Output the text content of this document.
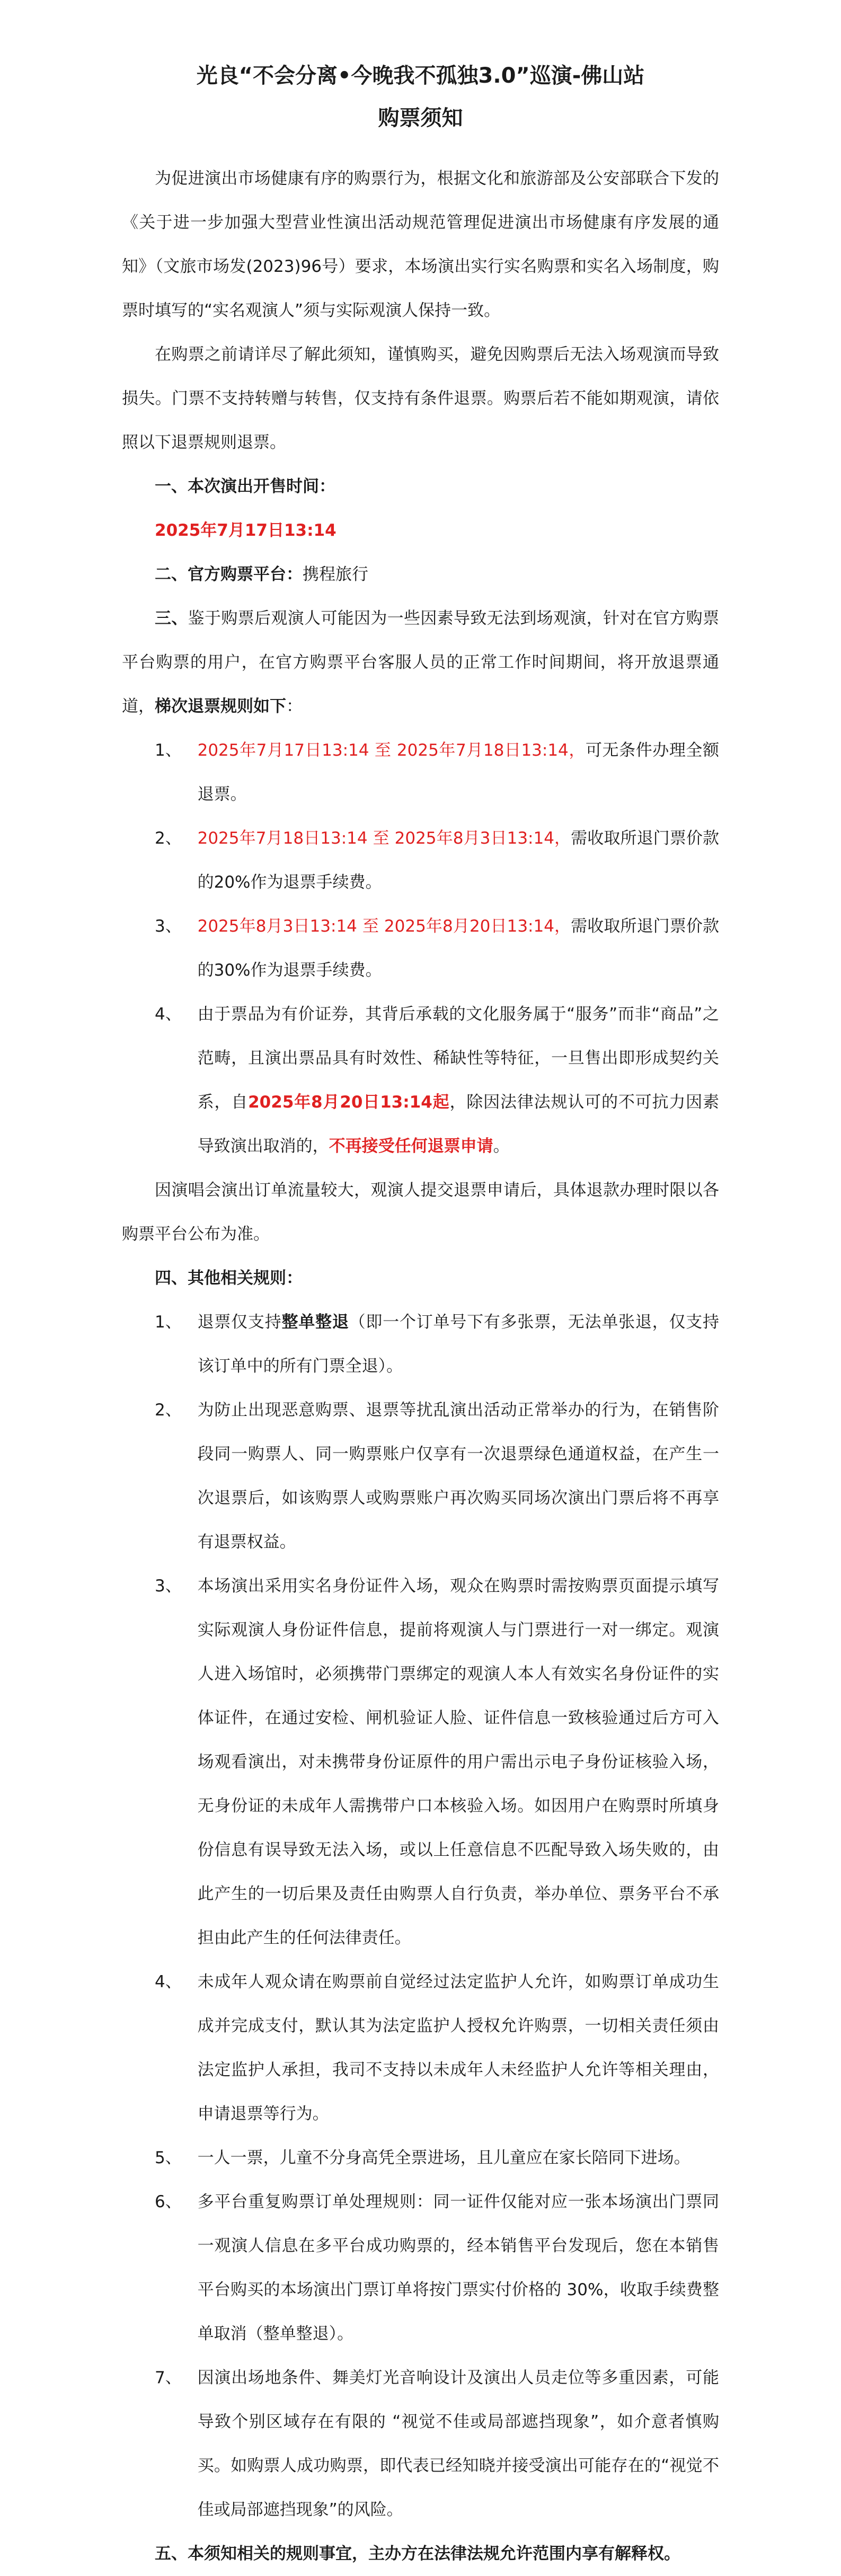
光良“不会分离•今晚我不孤独3.0”巡演-佛山站
购票须知

为促进演出市场健康有序的购票行为，根据文化和旅游部及公安部联合下发的《关于进一步加强大型营业性演出活动规范管理促进演出市场健康有序发展的通知》（文旅市场发(2023)96号）要求，本场演出实行实名购票和实名入场制度，购票时填写的“实名观演人”须与实际观演人保持一致。

在购票之前请详尽了解此须知，谨慎购买，避免因购票后无法入场观演而导致损失。门票不支持转赠与转售，仅支持有条件退票。购票后若不能如期观演，请依照以下退票规则退票。

一、本次演出开售时间：

2025年7月17日13:14

二、官方购票平台：携程旅行

三、鉴于购票后观演人可能因为一些因素导致无法到场观演，针对在官方购票平台购票的用户，在官方购票平台客服人员的正常工作时间期间，将开放退票通道，梯次退票规则如下：

1、 2025年7月17日13:14 至 2025年7月18日13:14，可无条件办理全额退票。
2、 2025年7月18日13:14 至 2025年8月3日13:14，需收取所退门票价款的20%作为退票手续费。
3、 2025年8月3日13:14 至 2025年8月20日13:14，需收取所退门票价款的30%作为退票手续费。
4、 由于票品为有价证券，其背后承载的文化服务属于“服务”而非“商品”之范畴，且演出票品具有时效性、稀缺性等特征，一旦售出即形成契约关系，自2025年8月20日13:14起，除因法律法规认可的不可抗力因素导致演出取消的，不再接受任何退票申请。

因演唱会演出订单流量较大，观演人提交退票申请后，具体退款办理时限以各购票平台公布为准。

四、其他相关规则：

1、 退票仅支持整单整退（即一个订单号下有多张票，无法单张退，仅支持该订单中的所有门票全退）。
2、 为防止出现恶意购票、退票等扰乱演出活动正常举办的行为，在销售阶段同一购票人、同一购票账户仅享有一次退票绿色通道权益，在产生一次退票后，如该购票人或购票账户再次购买同场次演出门票后将不再享有退票权益。
3、 本场演出采用实名身份证件入场，观众在购票时需按购票页面提示填写实际观演人身份证件信息，提前将观演人与门票进行一对一绑定。观演人进入场馆时，必须携带门票绑定的观演人本人有效实名身份证件的实体证件，在通过安检、闸机验证人脸、证件信息一致核验通过后方可入场观看演出，对未携带身份证原件的用户需出示电子身份证核验入场，无身份证的未成年人需携带户口本核验入场。如因用户在购票时所填身份信息有误导致无法入场，或以上任意信息不匹配导致入场失败的，由此产生的一切后果及责任由购票人自行负责，举办单位、票务平台不承担由此产生的任何法律责任。
4、 未成年人观众请在购票前自觉经过法定监护人允许，如购票订单成功生成并完成支付，默认其为法定监护人授权允许购票，一切相关责任须由法定监护人承担，我司不支持以未成年人未经监护人允许等相关理由，申请退票等行为。
5、 一人一票，儿童不分身高凭全票进场，且儿童应在家长陪同下进场。
6、 多平台重复购票订单处理规则：同一证件仅能对应一张本场演出门票同一观演人信息在多平台成功购票的，经本销售平台发现后，您在本销售平台购买的本场演出门票订单将按门票实付价格的 30%，收取手续费整单取消（整单整退）。
7、 因演出场地条件、舞美灯光音响设计及演出人员走位等多重因素，可能导致个别区域存在有限的 “视觉不佳或局部遮挡现象”，如介意者慎购买。如购票人成功购票，即代表已经知晓并接受演出可能存在的“视觉不佳或局部遮挡现象”的风险。

五、本须知相关的规则事宜，主办方在法律法规允许范围内享有解释权。
